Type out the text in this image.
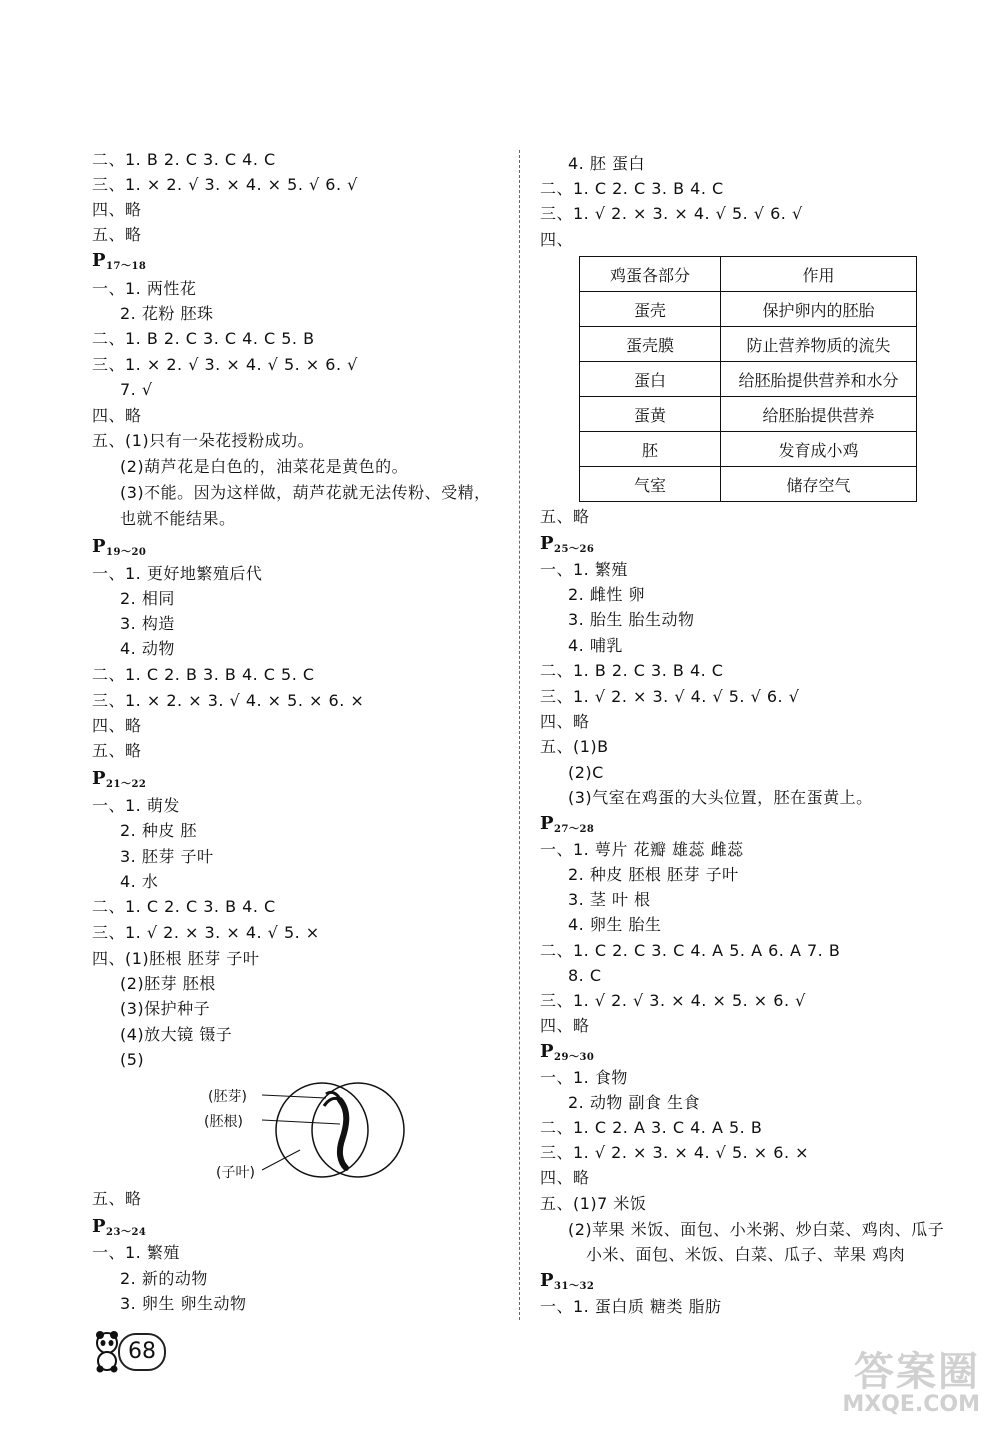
二、1. B 2. C 3. C 4. C
三、1. × 2. √ 3. × 4. × 5. √ 6. √
四、略
五、略
$P_{17\sim 18}$
一、1. 两性花
2. 花粉 胚珠
二、1. B 2. C 3. C 4. C 5. B
三、1. × 2. √ 3. × 4. √ 5. × 6. √
7. √
四、略
五、(1)只有一朵花授粉成功。
(2)葫芦花是白色的，油菜花是黄色的。
(3)不能。因为这样做，葫芦花就无法传粉、受精，
也就不能结果。
$P_{19\sim 20}$
一、1. 更好地繁殖后代
2. 相同
3. 构造
4. 动物
二、1. C 2. B 3. B 4. C 5. C
三、1. × 2. × 3. √ 4. × 5. × 6. ×
四、略
五、略
$P_{21\sim 22}$
一、1. 萌发
2. 种皮 胚
3. 胚芽 子叶
4. 水
二、1. C 2. C 3. B 4. C
三、1. √ 2. × 3. × 4. √ 5. ×
四、(1)胚根 胚芽 子叶
(2)胚芽 胚根
(3)保护种子
(4)放大镜 镊子
(5)
五、略
$P_{23\sim 24}$
一、1. 繁殖
2. 新的动物
3. 卵生 卵生动物
(胚芽)
(胚根)
(子叶)
4. 胚 蛋白
二、1. C 2. C 3. B 4. C
三、1. √ 2. × 3. × 4. √ 5. √ 6. √
四、
五、略
$P_{25\sim 26}$
一、1. 繁殖
2. 雌性 卵
3. 胎生 胎生动物
4. 哺乳
二、1. B 2. C 3. B 4. C
三、1. √ 2. × 3. √ 4. √ 5. √ 6. √
四、略
五、(1)B
(2)C
(3)气室在鸡蛋的大头位置，胚在蛋黄上。
$P_{27\sim 28}$
一、1. 萼片 花瓣 雄蕊 雌蕊
2. 种皮 胚根 胚芽 子叶
3. 茎 叶 根
4. 卵生 胎生
二、1. C 2. C 3. C 4. A 5. A 6. A 7. B
8. C
三、1. √ 2. √ 3. × 4. × 5. × 6. √
四、略
$P_{29\sim 30}$
一、1. 食物
2. 动物 副食 生食
二、1. C 2. A 3. C 4. A 5. B
三、1. √ 2. × 3. × 4. √ 5. × 6. ×
四、略
五、(1)7 米饭
(2)苹果 米饭、面包、小米粥、炒白菜、鸡肉、瓜子
小米、面包、米饭、白菜、瓜子、苹果 鸡肉
$P_{31\sim 32}$
一、1. 蛋白质 糖类 脂肪
鸡蛋各部分	作用
蛋壳	保护卵内的胚胎
蛋壳膜	防止营养物质的流失
蛋白	给胚胎提供营养和水分
蛋黄	给胚胎提供营养
胚	发育成小鸡
气室	储存空气
68	答案圈
MXQE.COM
